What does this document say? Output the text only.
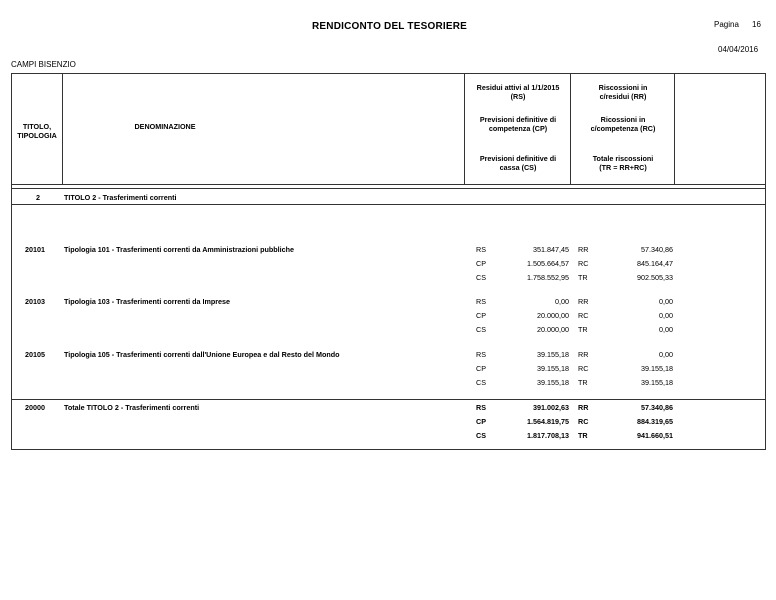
RENDICONTO DEL TESORIERE	Pagina 16
04/04/2016
CAMPI BISENZIO
TITOLO,
TIPOLOGIA
DENOMINAZIONE
Residui attivi al 1/1/2015
(RS)
Riscossioni in
c/residui (RR)
Previsioni definitive di
competenza (CP)
Ricossioni in
c/competenza (RC)
Previsioni definitive di
cassa (CS)
Totale riscossioni
(TR = RR+RC)
2	TITOLO 2 - Trasferimenti correnti
20101	Tipologia 101 - Trasferimenti correnti da Amministrazioni pubbliche	RS	351.847,45 RR	57.340,86
CP	1.505.664,57 RC	845.164,47
CS	1.758.552,95 TR	902.505,33
20103	Tipologia 103 - Trasferimenti correnti da Imprese	RS	0,00 RR	0,00
CP	20.000,00 RC	0,00
CS	20.000,00 TR	0,00
20105	Tipologia 105 - Trasferimenti correnti dall'Unione Europea e dal Resto del Mondo	RS	39.155,18 RR	0,00
CP	39.155,18 RC	39.155,18
CS	39.155,18 TR	39.155,18
20000	Totale TITOLO 2 - Trasferimenti correnti	RS	391.002,63 RR	57.340,86
CP	1.564.819,75 RC	884.319,65
CS	1.817.708,13 TR	941.660,51
